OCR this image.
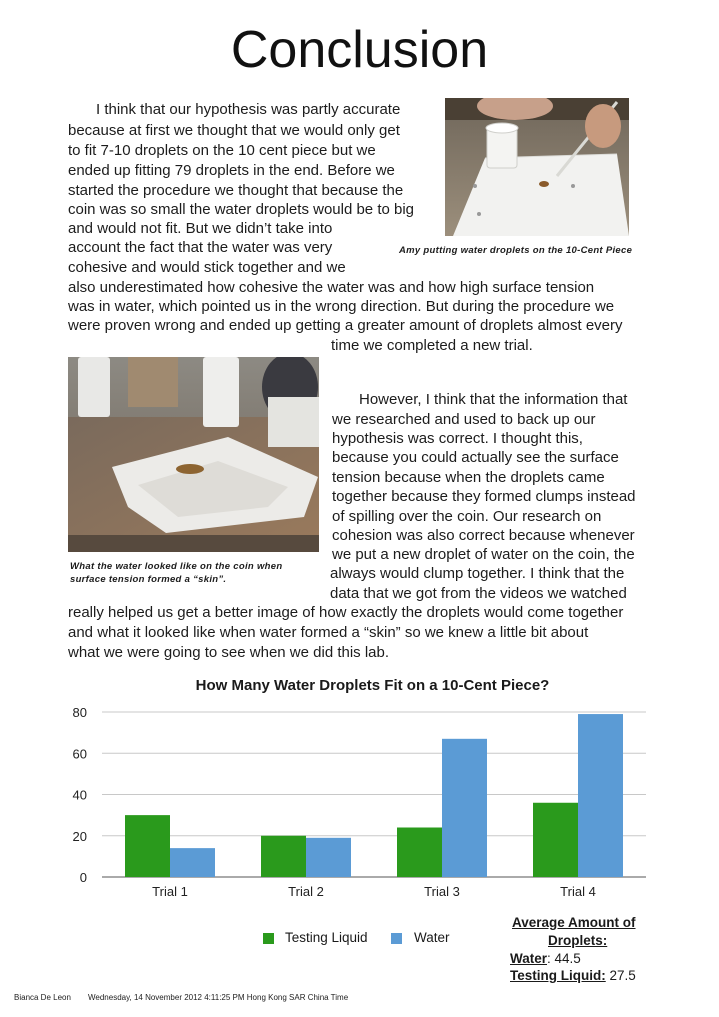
Conclusion
I think that our hypothesis was partly accurate
because at first we thought that we would only get
to fit 7-10 droplets on the 10 cent piece but we
ended up fitting 79 droplets in the end. Before we
started the procedure we thought that because the
coin was so small the water droplets would be to big
and would not fit. But we didn’t take into
account the fact that the water was very
cohesive and would stick together and we
also underestimated how cohesive the water was and how high surface tension
was in water, which pointed us in the wrong direction. But during the procedure we
were proven wrong and ended up getting a greater amount of droplets almost every
time we completed a new trial.
Amy putting water droplets on the 10-Cent Piece
What the water looked like on the coin when
surface tension formed a “skin”.
However, I think that the information that
we researched and used to back up our
hypothesis was correct. I thought this,
because you could actually see the surface
tension because when the droplets came
together because they formed clumps instead
of spilling over the coin. Our research on
cohesion was also correct because whenever
we put a new droplet of water on the coin, the
always would clump together. I think that the
data that we got from the videos we watched
really helped us get a better image of how exactly the droplets would come together
and what it looked like when water formed a “skin” so we knew a little bit about
what we were going to see when we did this lab.
How Many Water Droplets Fit on a 10-Cent Piece?
0
20
40
60
80
Trial 1	Trial 2	Trial 3	Trial 4
Testing Liquid	Water
Average Amount of
Droplets:
Water: 44.5
Testing Liquid: 27.5
Bianca De Leon Wednesday, 14 November 2012 4:11:25 PM Hong Kong SAR China Time
